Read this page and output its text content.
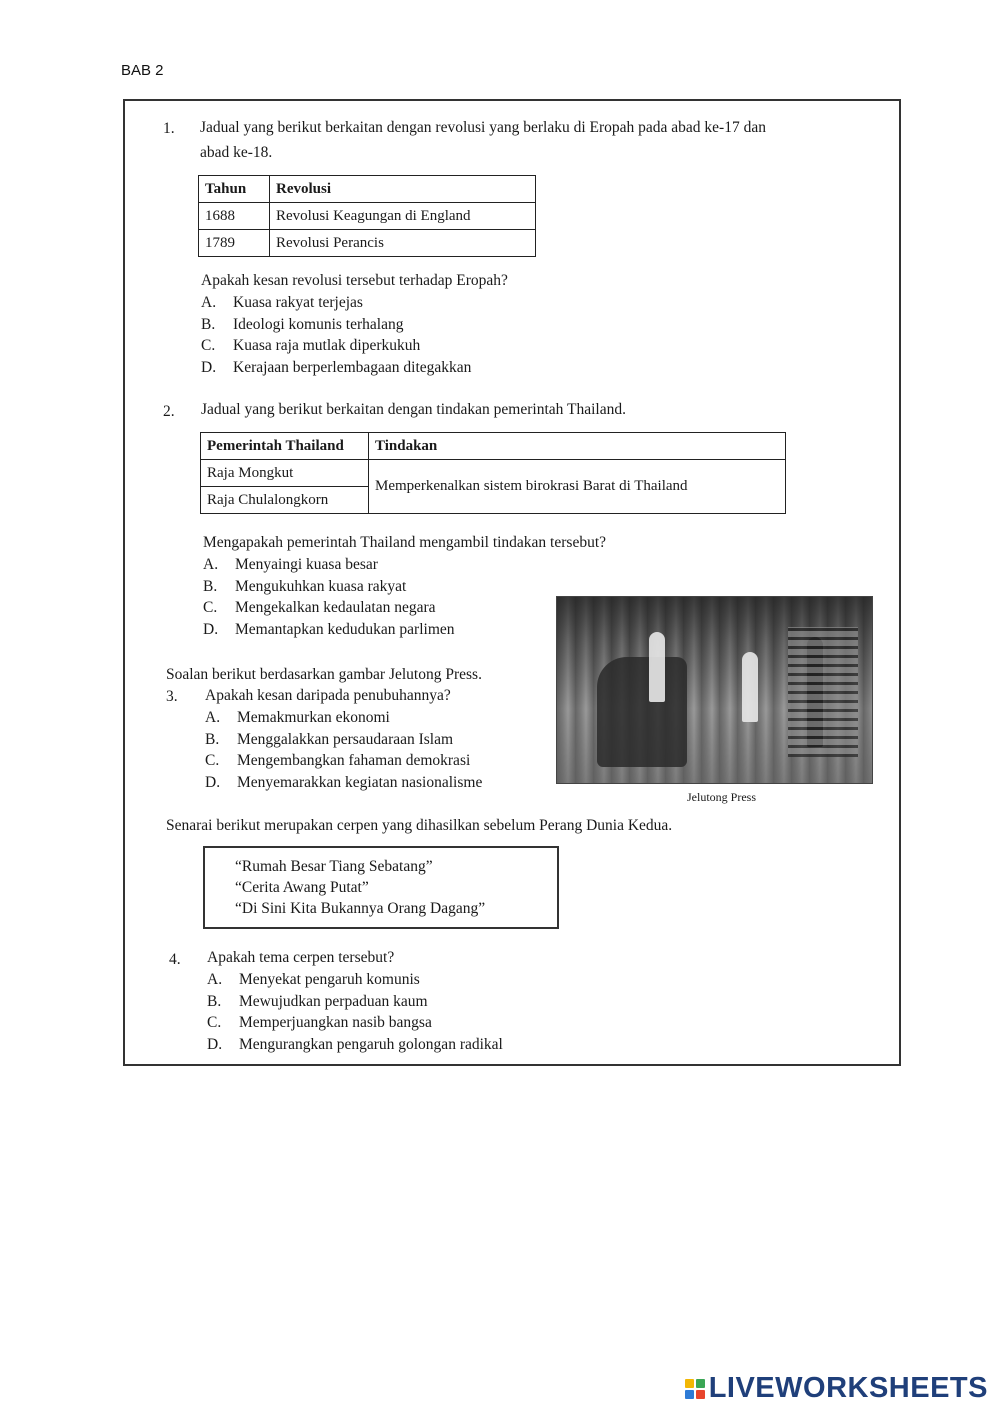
BAB 2
1. Jadual yang berikut berkaitan dengan revolusi yang berlaku di Eropah pada abad ke-17 dan
abad ke-18.
Tahun	Revolusi
1688	Revolusi Keagungan di England
1789	Revolusi Perancis
Apakah kesan revolusi tersebut terhadap Eropah?
A. Kuasa rakyat terjejas
B. Ideologi komunis terhalang
C. Kuasa raja mutlak diperkukuh
D. Kerajaan berperlembagaan ditegakkan
2. Jadual yang berikut berkaitan dengan tindakan pemerintah Thailand.
Pemerintah Thailand	Tindakan
Raja Mongkut	Memperkenalkan sistem birokrasi Barat di Thailand
Raja Chulalongkorn	
Mengapakah pemerintah Thailand mengambil tindakan tersebut?
A. Menyaingi kuasa besar
B. Mengukuhkan kuasa rakyat
C. Mengekalkan kedaulatan negara
D. Memantapkan kedudukan parlimen
Jelutong Press
Soalan berikut berdasarkan gambar Jelutong Press.
3. Apakah kesan daripada penubuhannya?
A. Memakmurkan ekonomi
B. Menggalakkan persaudaraan Islam
C. Mengembangkan fahaman demokrasi
D. Menyemarakkan kegiatan nasionalisme
Senarai berikut merupakan cerpen yang dihasilkan sebelum Perang Dunia Kedua.
“Rumah Besar Tiang Sebatang”
“Cerita Awang Putat”
“Di Sini Kita Bukannya Orang Dagang”
4. Apakah tema cerpen tersebut?
A. Menyekat pengaruh komunis
B. Mewujudkan perpaduan kaum
C. Memperjuangkan nasib bangsa
D. Mengurangkan pengaruh golongan radikal
LIVEWORKSHEETS
